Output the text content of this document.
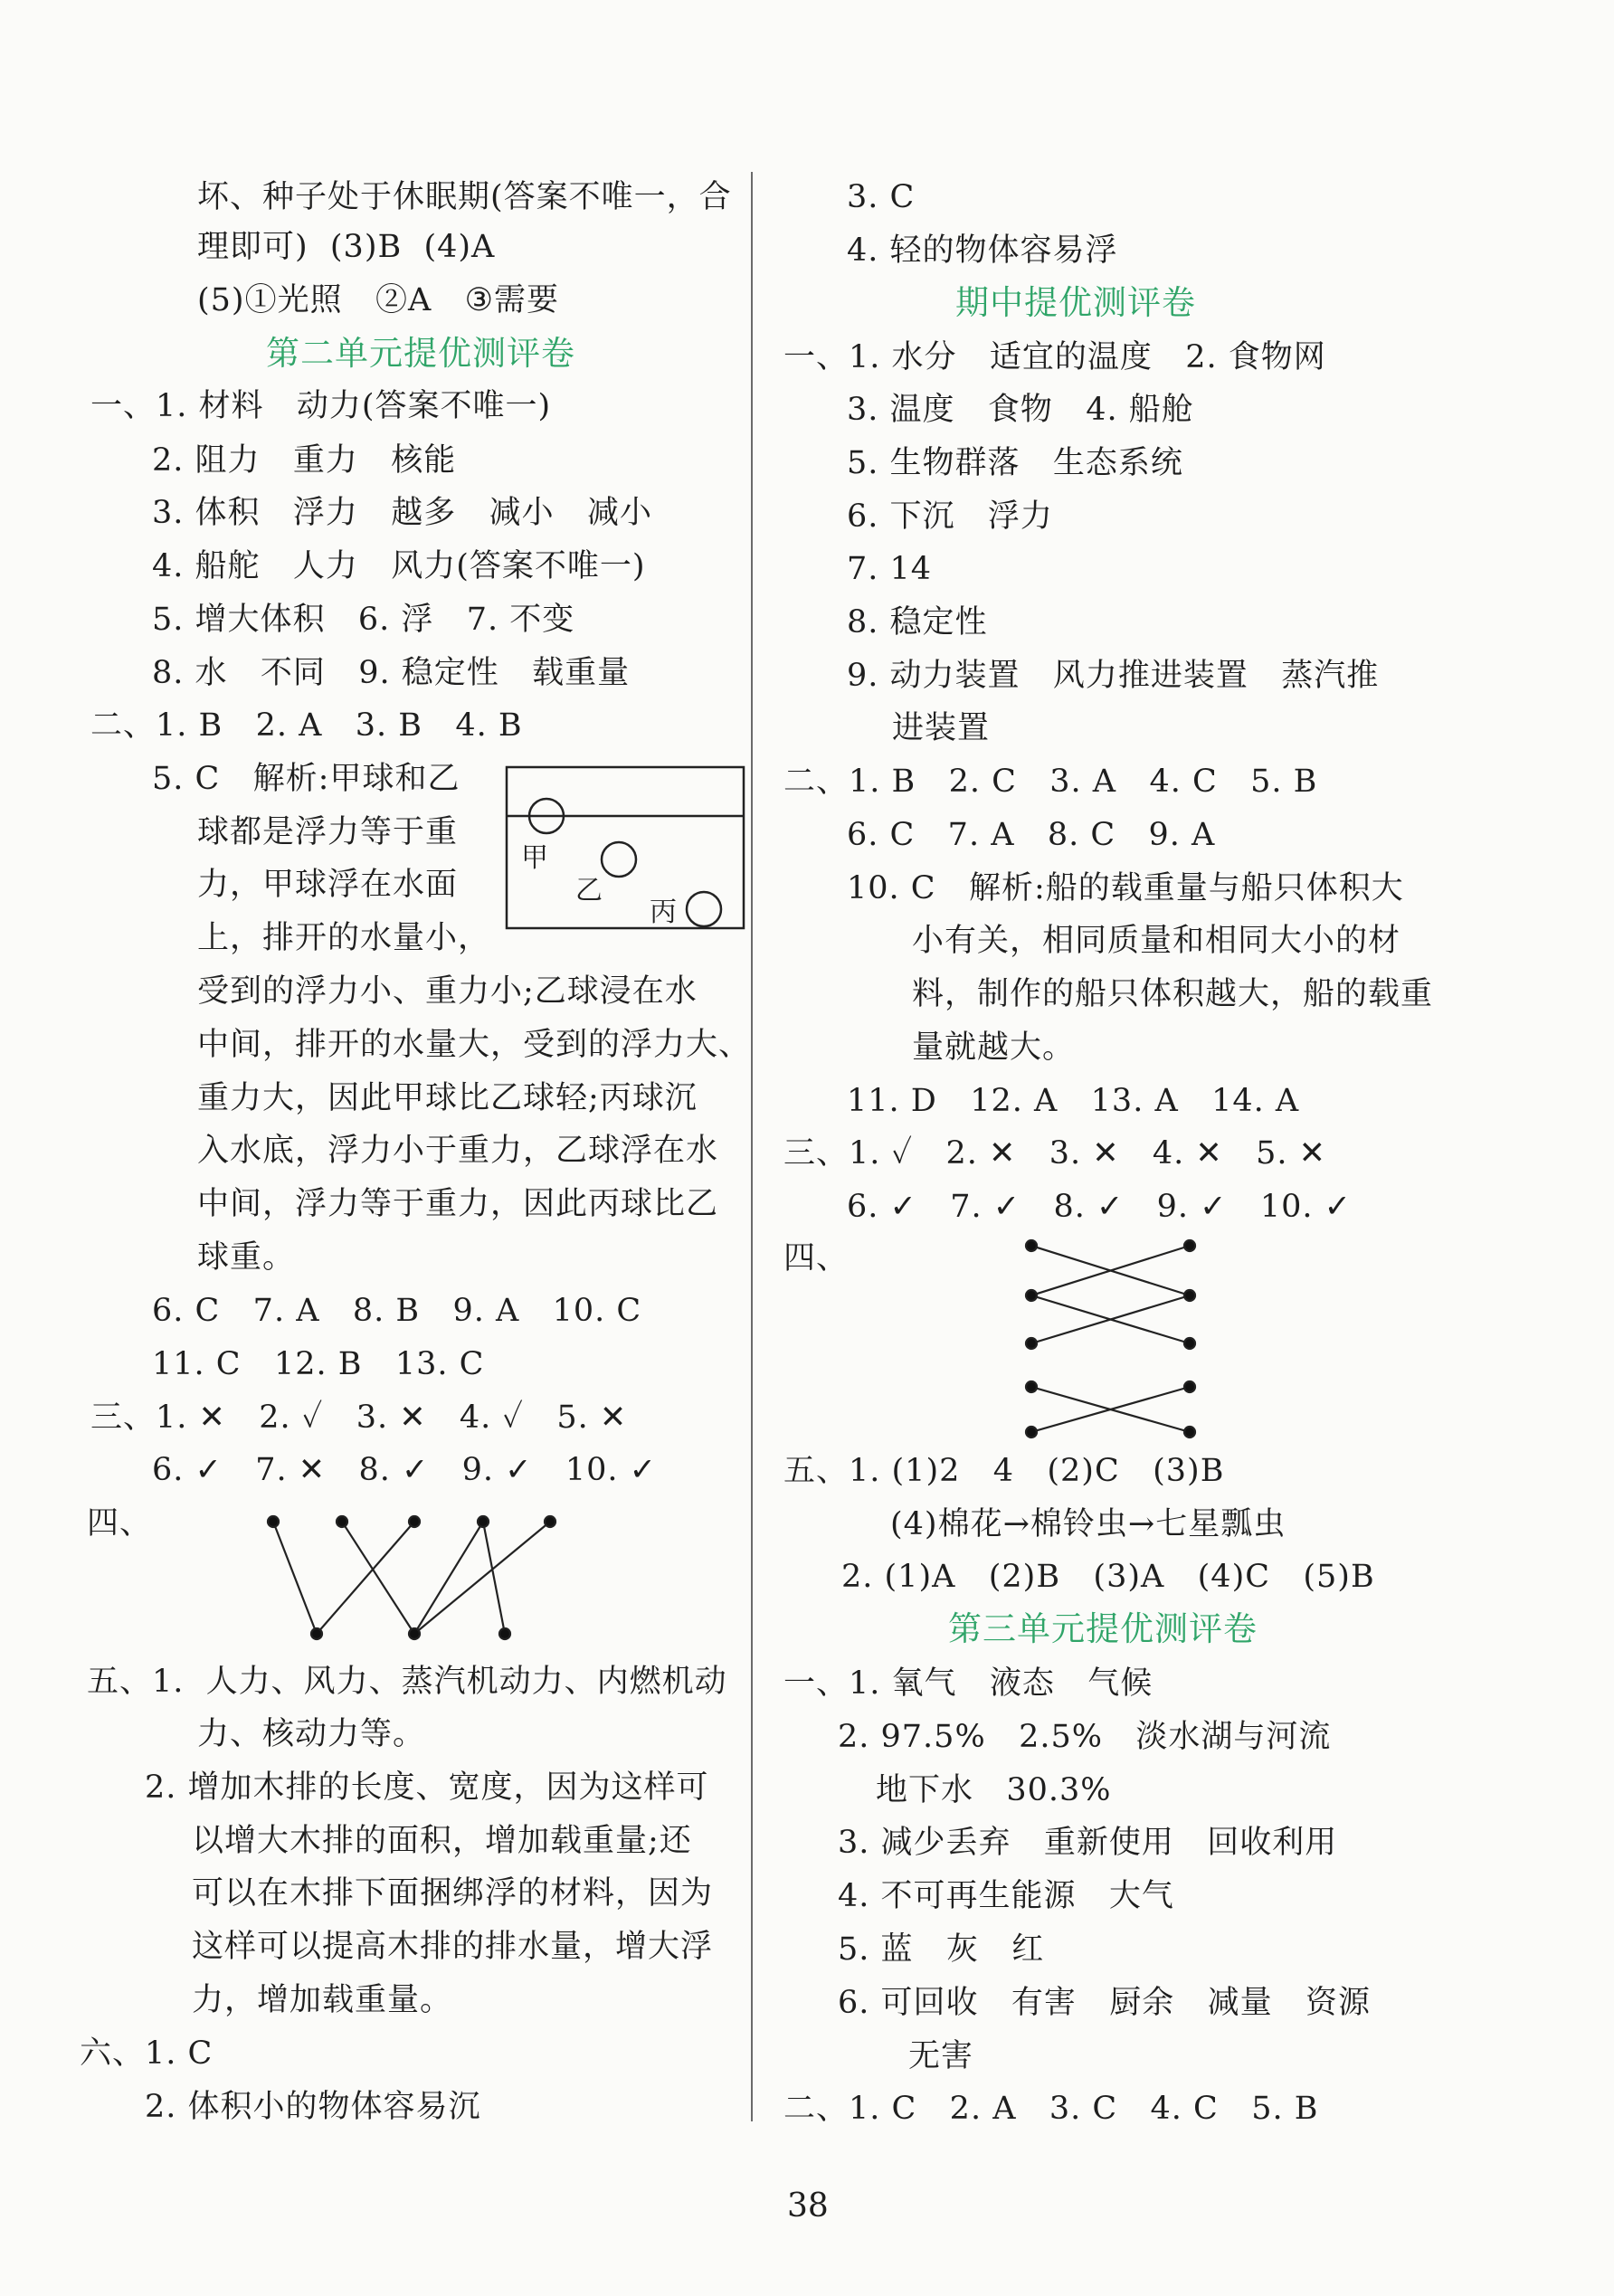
坏、种子处于休眠期(答案不唯一，合
理即可)  (3)B  (4)A
(5)①光照   ②A   ③需要
第二单元提优测评卷
一、1. 材料   动力(答案不唯一)
2. 阻力   重力   核能
3. 体积   浮力   越多   减小   减小
4. 船舵   人力   风力(答案不唯一)
5. 增大体积   6. 浮   7. 不变
8. 水   不同   9. 稳定性   载重量
二、1. B   2. A   3. B   4. B
5. C   解析:甲球和乙
球都是浮力等于重
力，甲球浮在水面
上，排开的水量小，
甲
乙
丙
受到的浮力小、重力小;乙球浸在水
中间，排开的水量大，受到的浮力大、
重力大，因此甲球比乙球轻;丙球沉
入水底，浮力小于重力，乙球浮在水
中间，浮力等于重力，因此丙球比乙
球重。
6. C   7. A   8. B   9. A   10. C
11. C   12. B   13. C
三、1. ✕   2. ✓   3. ✕   4. ✓   5. ✕
6. ✓   7. ✕   8. ✓   9. ✓   10. ✓
四、
五、1.  人力、风力、蒸汽机动力、内燃机动
力、核动力等。
2. 增加木排的长度、宽度，因为这样可
以增大木排的面积，增加载重量;还
可以在木排下面捆绑浮的材料，因为
这样可以提高木排的排水量，增大浮
力，增加载重量。
六、1. C
2. 体积小的物体容易沉
3. C
4. 轻的物体容易浮
期中提优测评卷
一、1. 水分   适宜的温度   2. 食物网
3. 温度   食物   4. 船舱
5. 生物群落   生态系统
6. 下沉   浮力
7. 14
8. 稳定性
9. 动力装置   风力推进装置   蒸汽推
进装置
二、1. B   2. C   3. A   4. C   5. B
6. C   7. A   8. C   9. A
10. C   解析:船的载重量与船只体积大
小有关，相同质量和相同大小的材
料，制作的船只体积越大，船的载重
量就越大。
11. D   12. A   13. A   14. A
三、1. ✓   2. ✕   3. ✕   4. ✕   5. ✕
6. ✓   7. ✓   8. ✓   9. ✓   10. ✓
四、
五、1. (1)2   4   (2)C   (3)B
(4)棉花→棉铃虫→七星瓢虫
2. (1)A   (2)B   (3)A   (4)C   (5)B
第三单元提优测评卷
一、1. 氧气   液态   气候
2. 97.5%   2.5%   淡水湖与河流
地下水   30.3%
3. 减少丢弃   重新使用   回收利用
4. 不可再生能源   大气
5. 蓝   灰   红
6. 可回收   有害   厨余   减量   资源
无害
二、1. C   2. A   3. C   4. C   5. B
38
